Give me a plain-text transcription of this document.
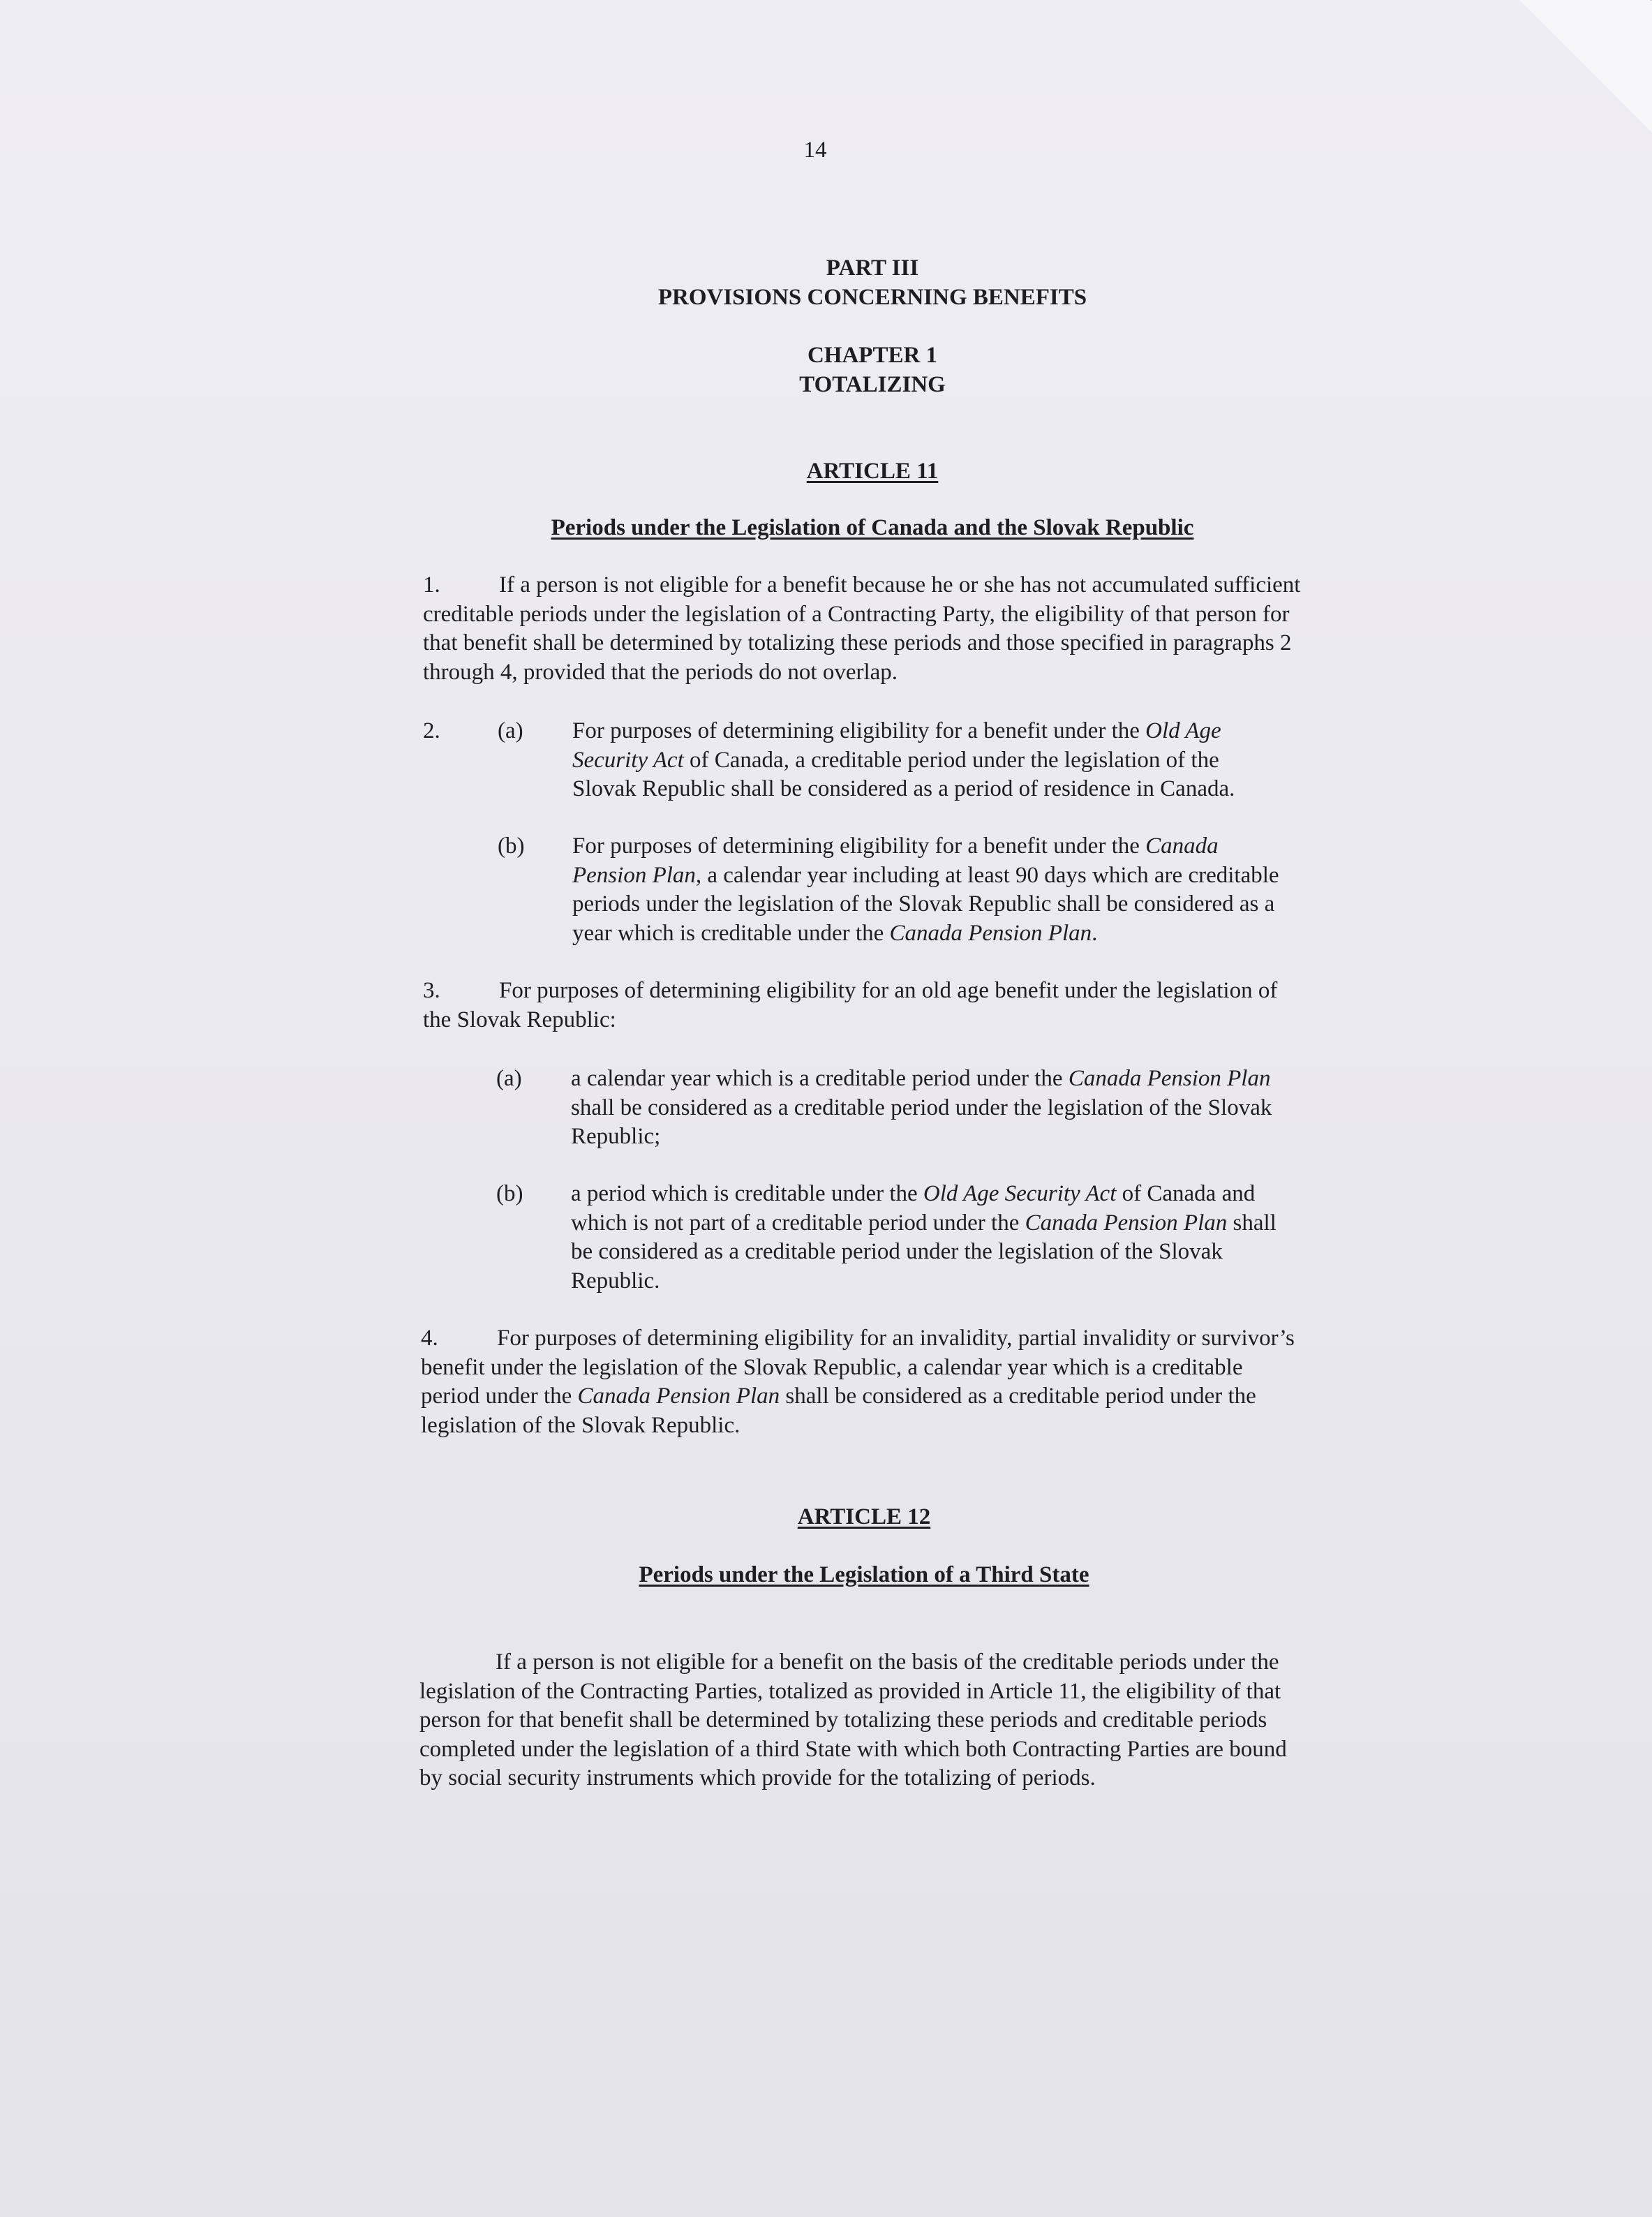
14
PART III
PROVISIONS CONCERNING BENEFITS
CHAPTER 1
TOTALIZING
ARTICLE 11
Periods under the Legislation of Canada and the Slovak Republic
1.	If a person is not eligible for a benefit because he or she has not accumulated sufficient creditable periods under the legislation of a Contracting Party, the eligibility of that person for that benefit shall be determined by totalizing these periods and those specified in paragraphs 2 through 4, provided that the periods do not overlap.
2. (a) For purposes of determining eligibility for a benefit under the Old Age Security Act of Canada, a creditable period under the legislation of the Slovak Republic shall be considered as a period of residence in Canada.
(b) For purposes of determining eligibility for a benefit under the Canada Pension Plan, a calendar year including at least 90 days which are creditable periods under the legislation of the Slovak Republic shall be considered as a year which is creditable under the Canada Pension Plan.
3.	For purposes of determining eligibility for an old age benefit under the legislation of the Slovak Republic:
(a) a calendar year which is a creditable period under the Canada Pension Plan shall be considered as a creditable period under the legislation of the Slovak Republic;
(b) a period which is creditable under the Old Age Security Act of Canada and which is not part of a creditable period under the Canada Pension Plan shall be considered as a creditable period under the legislation of the Slovak Republic.
4.	For purposes of determining eligibility for an invalidity, partial invalidity or survivor’s benefit under the legislation of the Slovak Republic, a calendar year which is a creditable period under the Canada Pension Plan shall be considered as a creditable period under the legislation of the Slovak Republic.
ARTICLE 12
Periods under the Legislation of a Third State
If a person is not eligible for a benefit on the basis of the creditable periods under the legislation of the Contracting Parties, totalized as provided in Article 11, the eligibility of that person for that benefit shall be determined by totalizing these periods and creditable periods completed under the legislation of a third State with which both Contracting Parties are bound by social security instruments which provide for the totalizing of periods.
